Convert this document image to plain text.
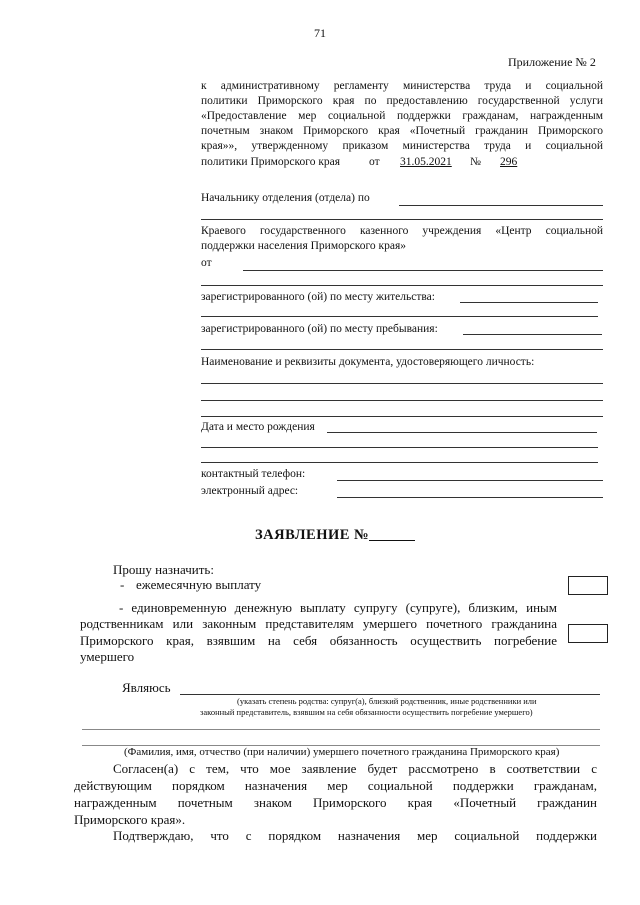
71
Приложение № 2
к административному регламенту министерства труда и социальной
политики Приморского края по предоставлению государственной услуги
«Предоставление мер социальной поддержки гражданам, награжденным
почетным знаком Приморского края «Почетный гражданин Приморского
края»», утвержденному приказом министерства труда и социальной
политики Приморского края	от 31.05.2021 № 296
Начальнику отделения (отдела) по
Краевого государственного казенного учреждения «Центр социальной
поддержки населения Приморского края»
от
зарегистрированного (ой) по месту жительства:
зарегистрированного (ой) по месту пребывания:
Наименование и реквизиты документа, удостоверяющего личность:
Дата и место рождения
контактный телефон:
электронный адрес:
ЗАЯВЛЕНИЕ №
Прошу назначить:
- ежемесячную выплату
- единовременную денежную выплату супругу (супруге), близким, иным
родственникам или законным представителям умершего почетного гражданина
Приморского края, взявшим на себя обязанность осуществить погребение
умершего
Являюсь
(указать степень родства: супруг(а), близкий родственник, иные родственники или
законный представитель, взявшим на себя обязанности осуществить погребение умершего)
(Фамилия, имя, отчество (при наличии) умершего почетного гражданина Приморского края)
Согласен(а) с тем, что мое заявление будет рассмотрено в соответствии с
действующим порядком назначения мер социальной поддержки гражданам,
награжденным почетным знаком Приморского края «Почетный гражданин
Приморского края».
Подтверждаю, что с порядком назначения мер социальной поддержки
